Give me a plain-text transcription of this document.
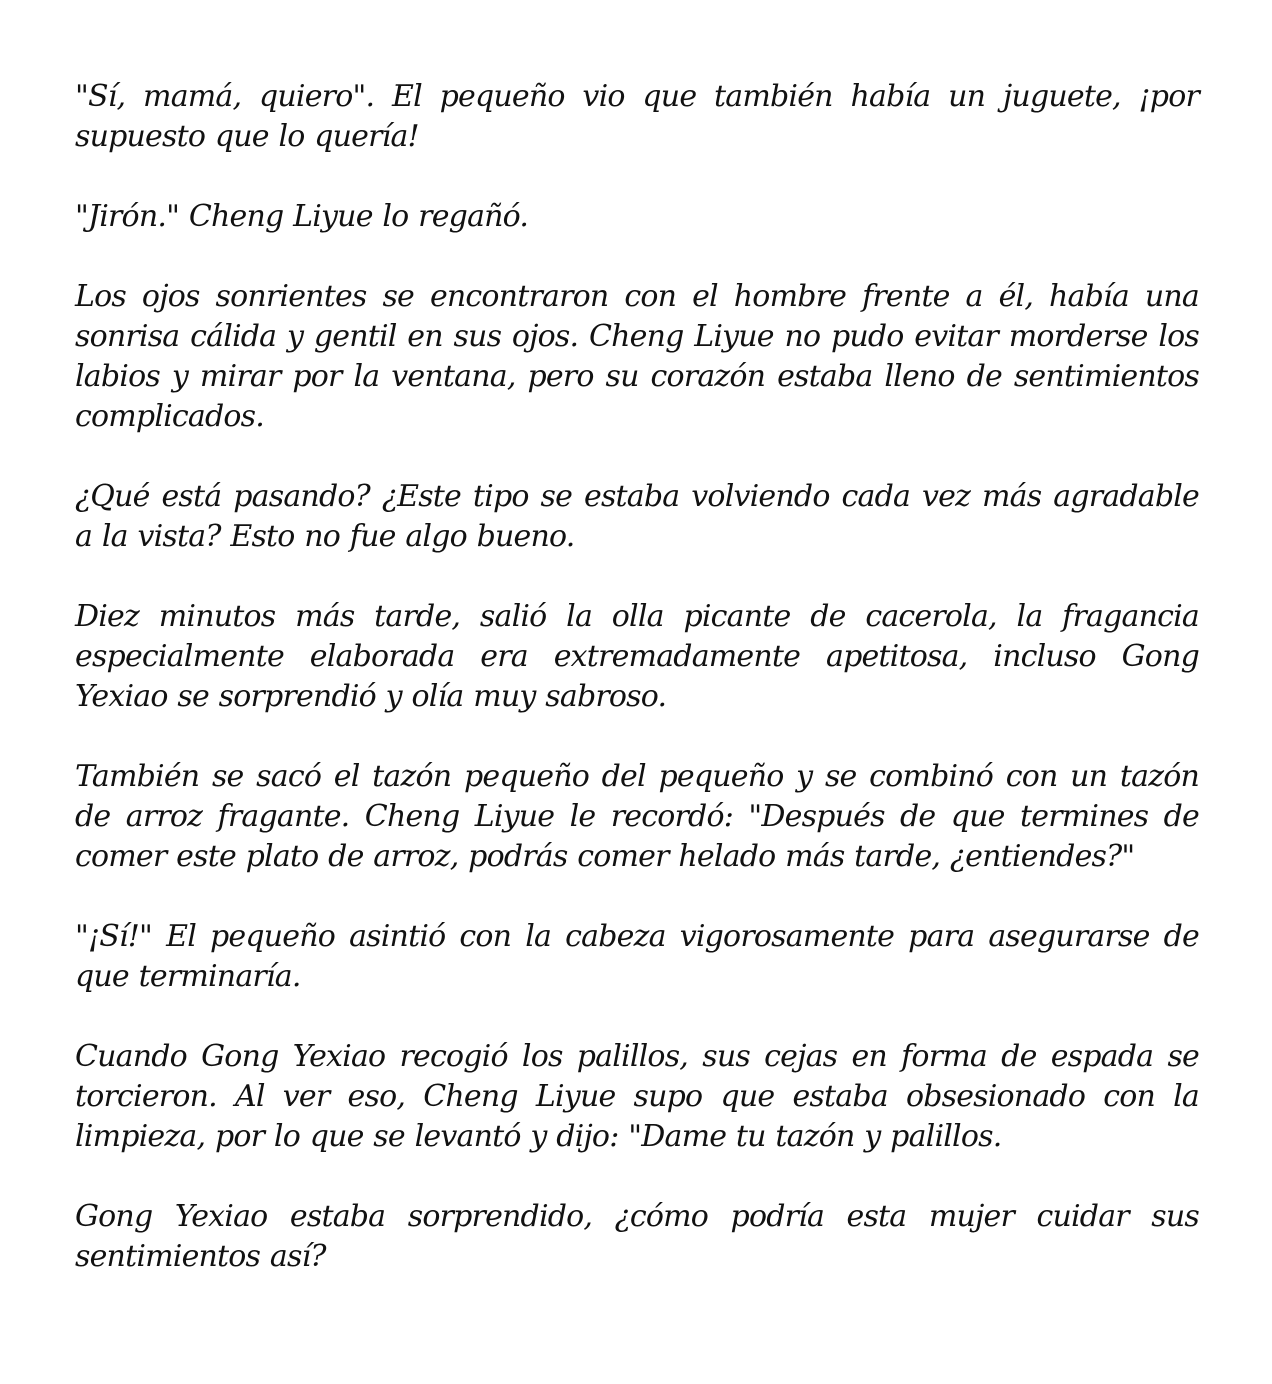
"Sí, mamá, quiero". El pequeño vio que también había un juguete, ¡por supuesto que lo quería!

"Jirón." Cheng Liyue lo regañó.

Los ojos sonrientes se encontraron con el hombre frente a él, había una sonrisa cálida y gentil en sus ojos. Cheng Liyue no pudo evitar morderse los labios y mirar por la ventana, pero su corazón estaba lleno de sentimientos complicados.

¿Qué está pasando? ¿Este tipo se estaba volviendo cada vez más agradable a la vista? Esto no fue algo bueno.

Diez minutos más tarde, salió la olla picante de cacerola, la fragancia especialmente elaborada era extremadamente apetitosa, incluso Gong Yexiao se sorprendió y olía muy sabroso.

También se sacó el tazón pequeño del pequeño y se combinó con un tazón de arroz fragante. Cheng Liyue le recordó: "Después de que termines de comer este plato de arroz, podrás comer helado más tarde, ¿entiendes?"

"¡Sí!" El pequeño asintió con la cabeza vigorosamente para asegurarse de que terminaría.

Cuando Gong Yexiao recogió los palillos, sus cejas en forma de espada se torcieron. Al ver eso, Cheng Liyue supo que estaba obsesionado con la limpieza, por lo que se levantó y dijo: "Dame tu tazón y palillos.

Gong Yexiao estaba sorprendido, ¿cómo podría esta mujer cuidar sus sentimientos así?
